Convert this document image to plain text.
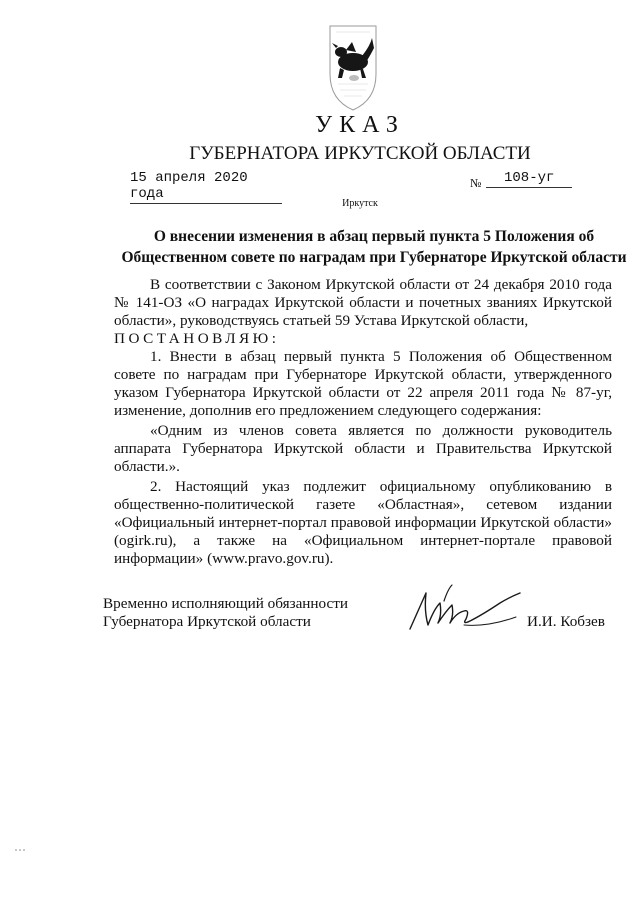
УКАЗ
ГУБЕРНАТОРА ИРКУТСКОЙ ОБЛАСТИ
15 апреля 2020 года
№	108-уг
Иркутск
О внесении изменения в абзац первый пункта 5 Положения об
Общественном совете по наградам при Губернаторе Иркутской области

В соответствии с Законом Иркутской области от 24 декабря 2010 года № 141-ОЗ «О наградах Иркутской области и почетных званиях Иркутской области», руководствуясь статьей 59 Устава Иркутской области,

ПОСТАНОВЛЯЮ:

1. Внести в абзац первый пункта 5 Положения об Общественном совете по наградам при Губернаторе Иркутской области, утвержденного указом Губернатора Иркутской области от 22 апреля 2011 года № 87-уг, изменение, дополнив его предложением следующего содержания:

«Одним из членов совета является по должности руководитель аппарата Губернатора Иркутской области и Правительства Иркутской области.».

2. Настоящий указ подлежит официальному опубликованию в общественно-политической газете «Областная», сетевом издании «Официальный интернет-портал правовой информации Иркутской области» (ogirk.ru), а также на «Официальном интернет-портале правовой информации» (www.pravo.gov.ru).

Временно исполняющий обязанности
Губернатора Иркутской области	И.И. Кобзев
